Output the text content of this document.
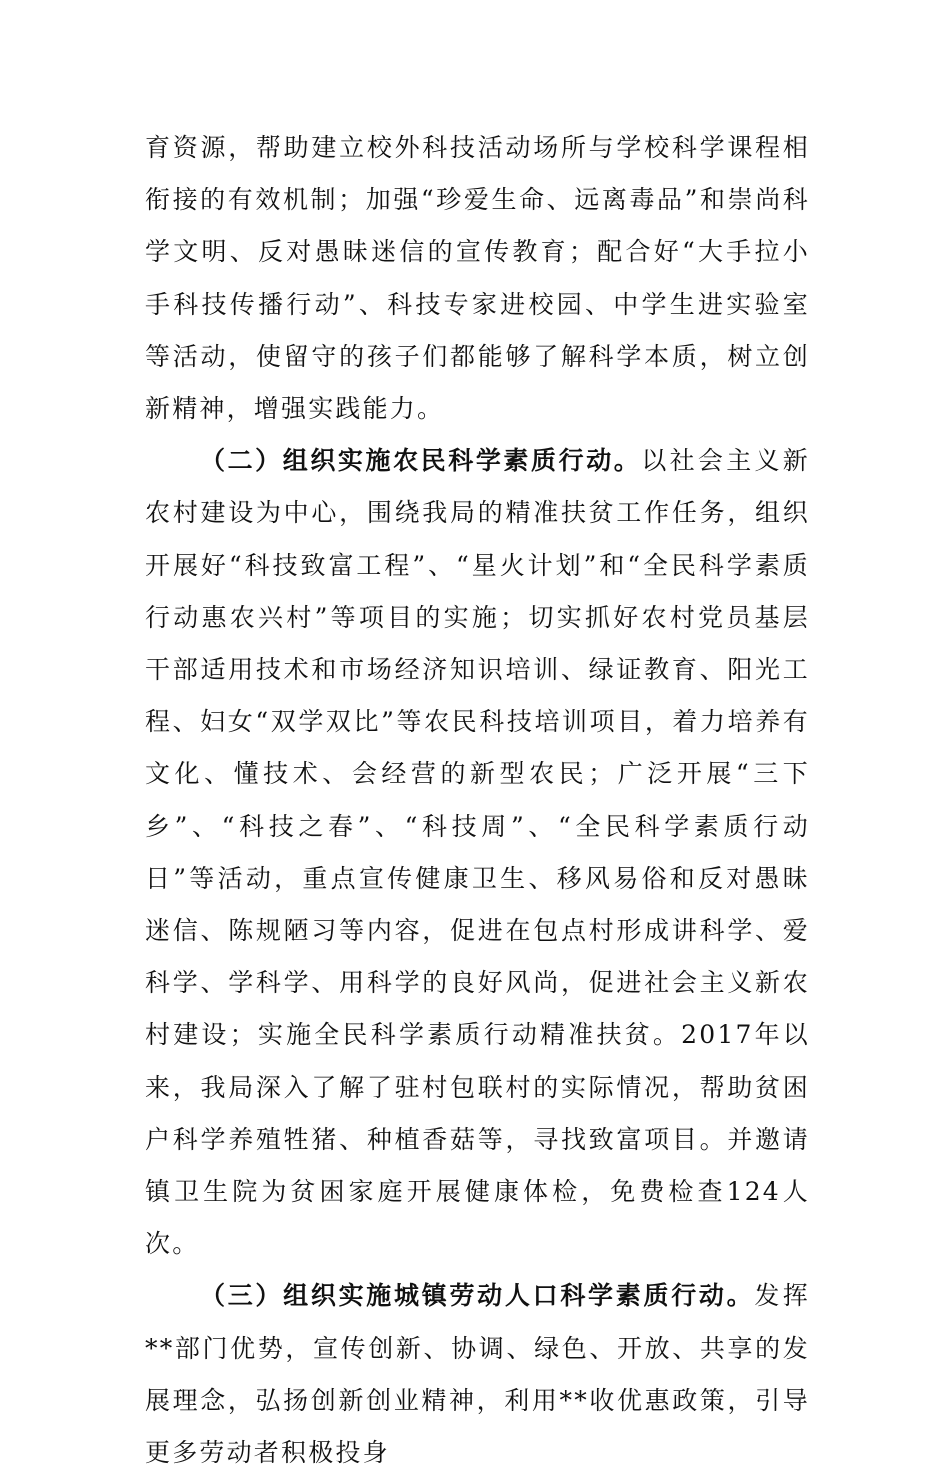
育资源，帮助建立校外科技活动场所与学校科学课程相衔接的有效机制；加强“珍爱生命、远离毒品”和崇尚科学文明、反对愚昧迷信的宣传教育；配合好“大手拉小手科技传播行动”、科技专家进校园、中学生进实验室等活动，使留守的孩子们都能够了解科学本质，树立创新精神，增强实践能力。

（二）组织实施农民科学素质行动。以社会主义新农村建设为中心，围绕我局的精准扶贫工作任务，组织开展好“科技致富工程”、“星火计划”和“全民科学素质行动惠农兴村”等项目的实施；切实抓好农村党员基层干部适用技术和市场经济知识培训、绿证教育、阳光工程、妇女“双学双比”等农民科技培训项目，着力培养有文化、懂技术、会经营的新型农民；广泛开展“三下乡”、“科技之春”、“科技周”、“全民科学素质行动日”等活动，重点宣传健康卫生、移风易俗和反对愚昧迷信、陈规陋习等内容，促进在包点村形成讲科学、爱科学、学科学、用科学的良好风尚，促进社会主义新农村建设；实施全民科学素质行动精准扶贫。2017年以来，我局深入了解了驻村包联村的实际情况，帮助贫困户科学养殖牲猪、种植香菇等，寻找致富项目。并邀请镇卫生院为贫困家庭开展健康体检，免费检查124人次。

（三）组织实施城镇劳动人口科学素质行动。发挥**部门优势，宣传创新、协调、绿色、开放、共享的发展理念，弘扬创新创业精神，利用**收优惠政策，引导更多劳动者积极投身
